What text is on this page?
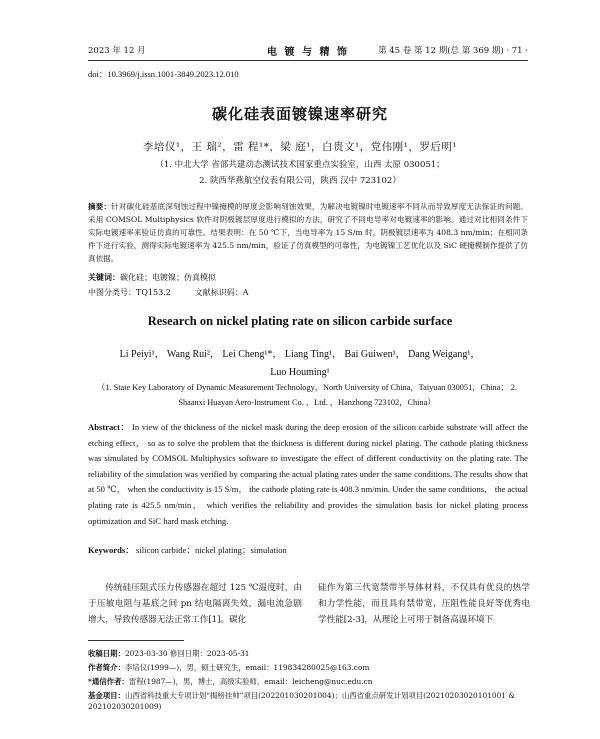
2023 年 12 月	电 镀 与 精 饰	第 45 卷 第 12 期(总 第 369 期) · 71 ·
doi：10.3969/j.issn.1001-3849.2023.12.010
碳化硅表面镀镍速率研究
李培仪¹，王 瑞²，雷 程¹*，梁 庭¹，白贵文¹，党伟刚¹，罗后明¹
（1. 中北大学 省部共建动态测试技术国家重点实验室，山西 太原 030051；
2. 陕西华燕航空仪表有限公司，陕西 汉中 723102）
摘要：针对碳化硅基底深刻蚀过程中镍掩模的厚度会影响刻蚀效果，为解决电镀镍时电镀速率不同从而导致厚度无法保证的问题。采用 COMSOL Multiphysics 软件对阴极镀层厚度进行模拟的方法，研究了不同电导率对电镀速率的影响。通过对比相同条件下实际电镀速率来验证仿真的可靠性。结果表明：在 50 ℃下，当电导率为 15 S/m 时，阴极镀层速率为 408.3 nm/min；在相同条件下进行实验，测得实际电镀速率为 425.5 nm/min，验证了仿真模型的可靠性，为电镀镍工艺优化以及 SiC 硬掩模制作提供了仿真依据。
关键词：碳化硅；电镀镍；仿真模拟
中图分类号：TQ153.2	文献标识码：A
Research on nickel plating rate on silicon carbide surface
Li Peiyi¹， Wang Rui²， Lei Cheng¹*， Liang Ting¹， Bai Guiwen¹， Dang Weigang¹，
Luo Houming¹
（1. State Key Laboratory of Dynamic Measurement Technology，North University of China，Taiyuan 030051，China； 2. Shaanxi Huayan Aero-Instrument Co．，Ltd．，Hanzhong 723102，China）
Abstract： In view of the thickness of the nickel mask during the deep erosion of the silicon carbide substrate will affect the etching effect， so as to solve the problem that the thickness is different during nickel plating. The cathode plating thickness was simulated by COMSOL Multiphysics software to investigate the effect of different conductivity on the plating rate. The reliability of the simulation was verified by comparing the actual plating rates under the same conditions. The results show that at 50 ℃， when the conductivity is 15 S/m， the cathode plating rate is 408.3 nm/min. Under the same conditions， the actual plating rate is 425.5 nm/min， which verifies the reliability and provides the simulation basis for nickel plating process optimization and SiC hard mask etching.
Keywords： silicon carbide；nickel plating；simulation
传统硅压阻式压力传感器在超过 125 ℃温度时，由于压敏电阻与基底之间 pn 结电隔离失效，漏电流急剧增大，导致传感器无法正常工作[1]。碳化
硅作为第三代宽禁带半导体材料，不仅具有优良的热学和力学性能，而且具有禁带宽，压阻性能良好等优秀电学性能[2-3]，从理论上可用于制备高温环境下
收稿日期：2023-03-30 修回日期：2023-05-31
作者简介：李培仪(1999—)，男，硕士研究生，email：119834280025@163.com
*通信作者：雷程(1987—)，男，博士，高级实验师，email：leicheng@nuc.edu.cn
基金项目：山西省科技重大专项计划“揭榜挂帅”项目(202201030201004)；山西省重点研发计划项目(20210203020101001 & 202102030201009)
